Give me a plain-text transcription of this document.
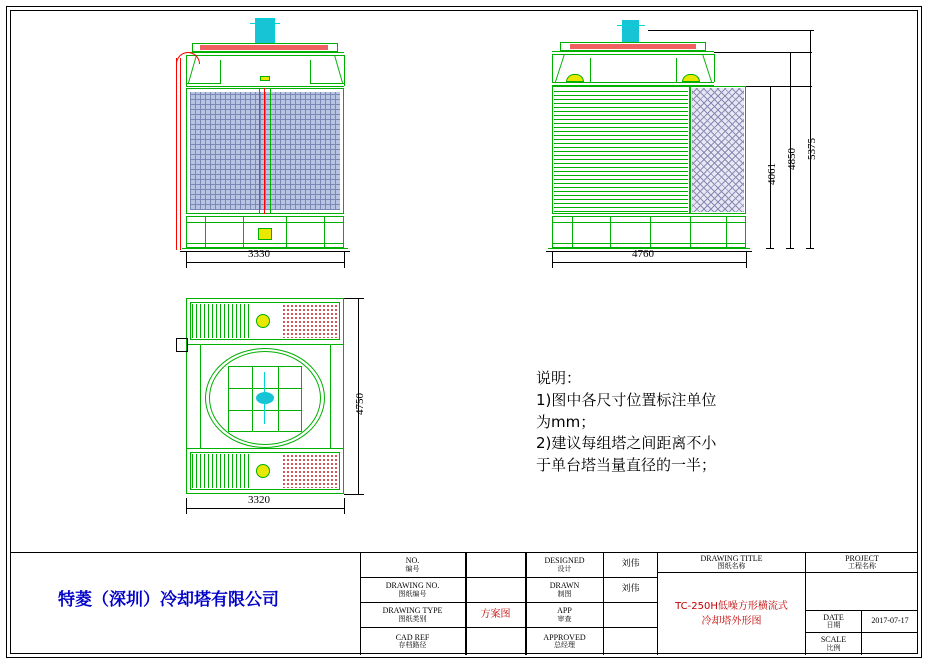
3330
4061
4850 5375
4760
4750
3320
说明：
1)图中各尺寸位置标注单位
为mm；
2)建议每组塔之间距离不小
于单台塔当量直径的一半；
特菱（深圳）冷却塔有限公司
NO.
编号
DRAWING NO.
图纸编号
DRAWING TYPE
图纸类别
CAD REF
存档路径
方案图
DESIGNED
设计
DRAWN
制图
APP
审查
APPROVED
总经理
刘伟
刘伟
DRAWING TITLE
图纸名称
TC-250H低噪方形横流式
冷却塔外形图
PROJECT
工程名称
DATE
日期	2017-07-17
SCALE
比例
